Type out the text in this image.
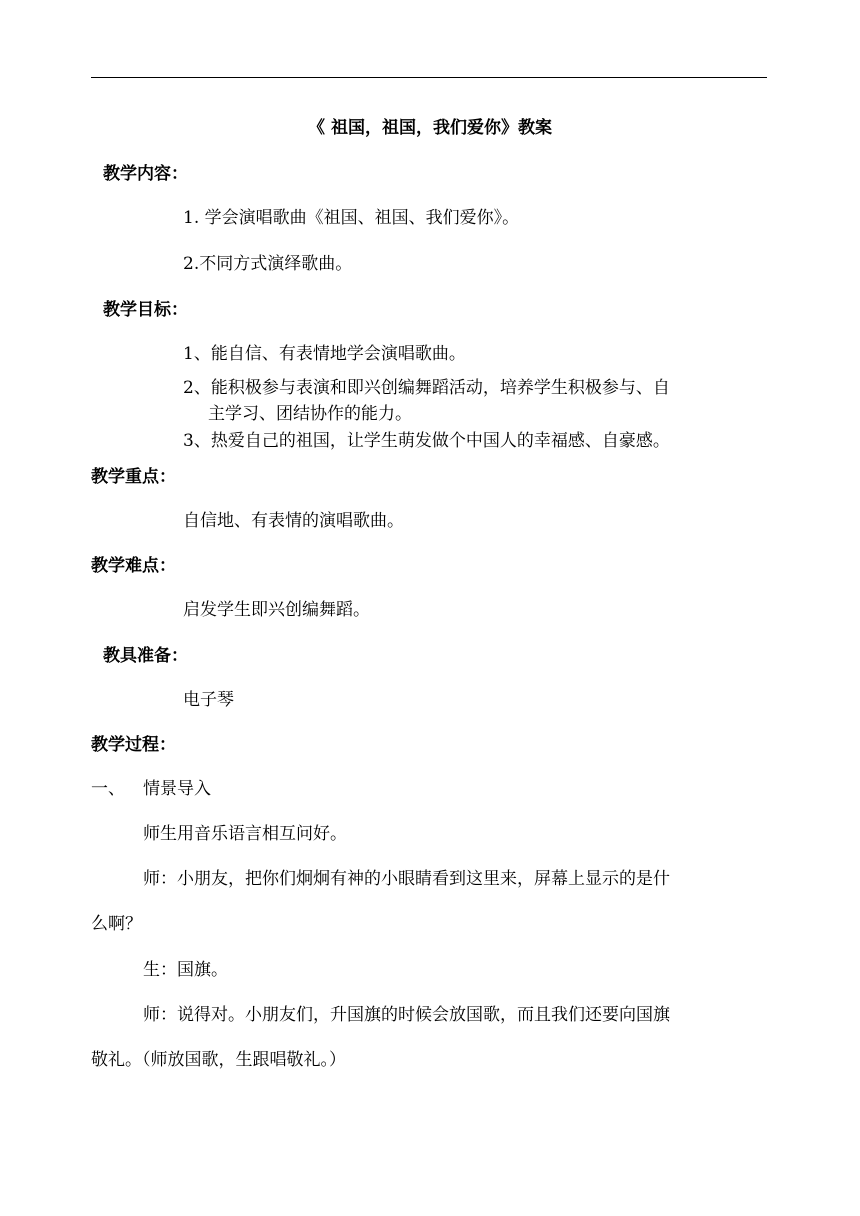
《 祖国，祖国，我们爱你》教案
教学内容：
1. 学会演唱歌曲《祖国、祖国、我们爱你》。
2.不同方式演绎歌曲。
教学目标：
1、能自信、有表情地学会演唱歌曲。
2、能积极参与表演和即兴创编舞蹈活动，培养学生积极参与、自
主学习、团结协作的能力。
3、热爱自己的祖国，让学生萌发做个中国人的幸福感、自豪感。
教学重点：
自信地、有表情的演唱歌曲。
教学难点：
启发学生即兴创编舞蹈。
教具准备：
电子琴
教学过程：
一、 情景导入
师生用音乐语言相互问好。
师：小朋友，把你们炯炯有神的小眼睛看到这里来，屏幕上显示的是什
么啊？
生：国旗。
师：说得对。小朋友们，升国旗的时候会放国歌，而且我们还要向国旗
敬礼。（师放国歌，生跟唱敬礼。）
